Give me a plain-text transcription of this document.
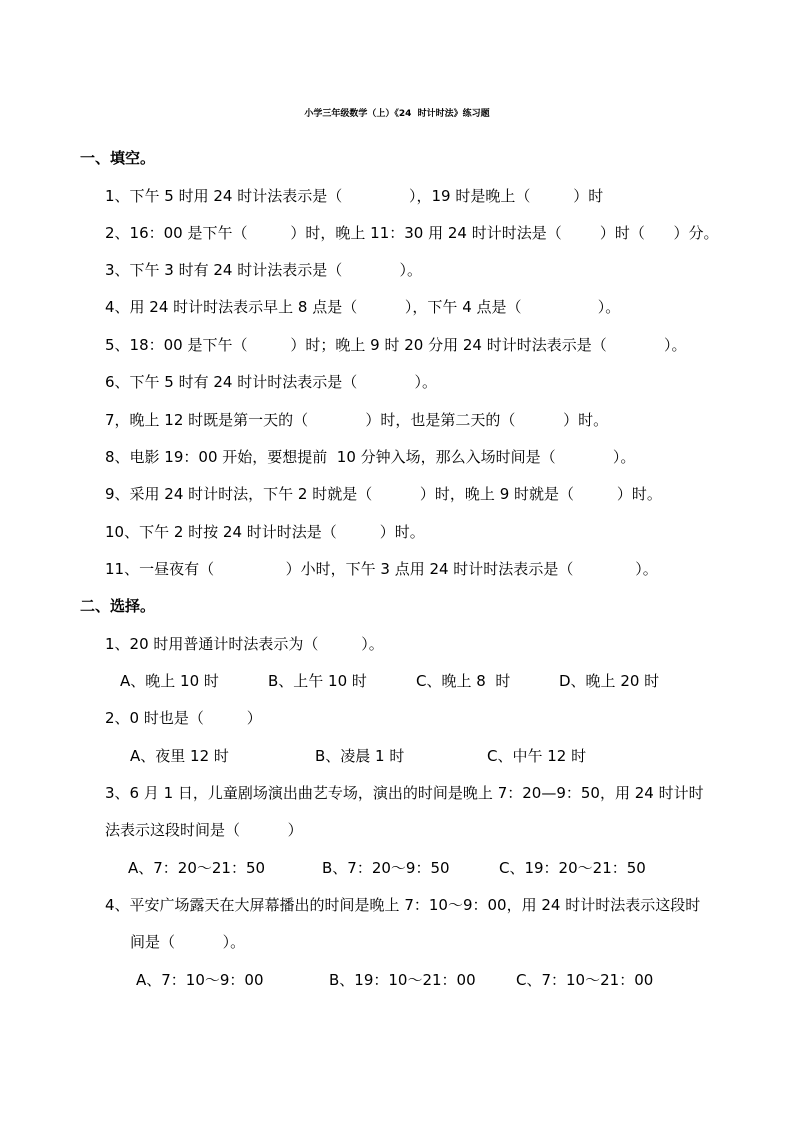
小学三年级数学（上）《24  时计时法》练习题
一、填空。
1、下午 5 时用 24 时计法表示是（              ），19 时是晚上（         ）时
2、16：00 是下午（         ）时，晚上 11：30 用 24 时计时法是（        ）时（      ）分。
3、下午 3 时有 24 时计法表示是（            ）。
4、用 24 时计时法表示早上 8 点是（          ），下午 4 点是（                ）。
5、18：00 是下午（         ）时；晚上 9 时 20 分用 24 时计时法表示是（            ）。
6、下午 5 时有 24 时计时法表示是（            ）。
7，晚上 12 时既是第一天的（            ）时，也是第二天的（          ）时。
8、电影 19：00 开始，要想提前  10 分钟入场，那么入场时间是（            ）。
9、采用 24 时计时法，下午 2 时就是（          ）时，晚上 9 时就是（         ）时。
10、下午 2 时按 24 时计时法是（         ）时。
11、一昼夜有（               ）小时，下午 3 点用 24 时计时法表示是（             ）。
二、选择。
1、20 时用普通计时法表示为（         ）。
A、晚上 10 时	B、上午 10 时	C、晚上 8  时	D、晚上 20 时
2、0 时也是（         ）
A、夜里 12 时	B、凌晨 1 时	C、中午 12 时
3、6 月 1 日，儿童剧场演出曲艺专场，演出的时间是晚上 7：20—9：50，用 24 时计时
法表示这段时间是（          ）
A、7：20～21：50	B、7：20～9：50	C、19：20～21：50
4、平安广场露天在大屏幕播出的时间是晚上 7：10～9：00，用 24 时计时法表示这段时
间是（          ）。
A、7：10～9：00	B、19：10～21：00	C、7：10～21：00
